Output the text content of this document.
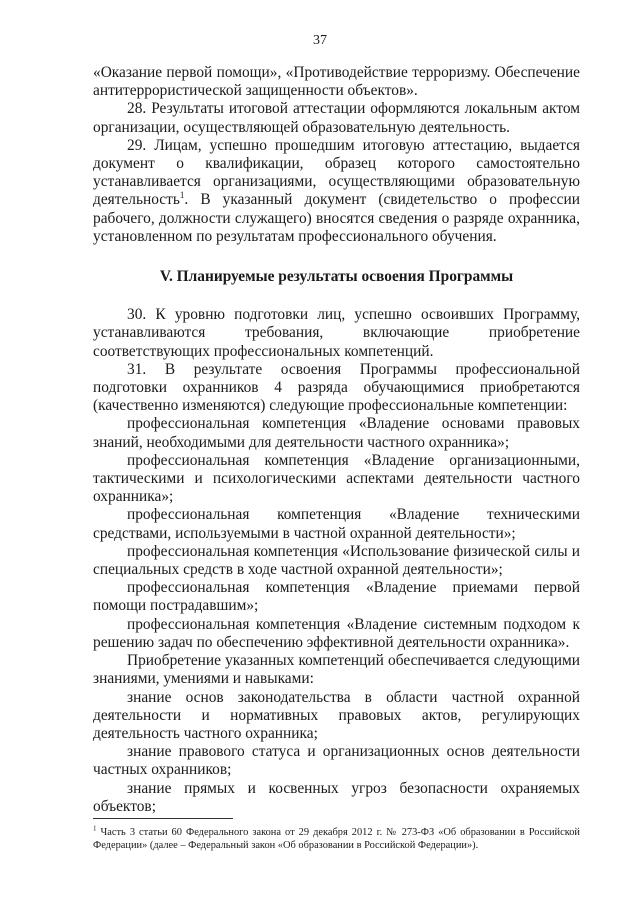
37

«Оказание первой помощи», «Противодействие терроризму. Обеспечение антитеррористической защищенности объектов».

28. Результаты итоговой аттестации оформляются локальным актом организации, осуществляющей образовательную деятельность.

29. Лицам, успешно прошедшим итоговую аттестацию, выдается документ о квалификации, образец которого самостоятельно устанавливается организациями, осуществляющими образовательную деятельность$^1$. В указанный документ (свидетельство о профессии рабочего, должности служащего) вносятся сведения о разряде охранника, установленном по результатам профессионального обучения.

V. Планируемые результаты освоения Программы

30. К уровню подготовки лиц, успешно освоивших Программу, устанавливаются требования, включающие приобретение соответствующих профессиональных компетенций.

31. В результате освоения Программы профессиональной подготовки охранников 4 разряда обучающимися приобретаются (качественно изменяются) следующие профессиональные компетенции:

профессиональная компетенция «Владение основами правовых знаний, необходимыми для деятельности частного охранника»;

профессиональная компетенция «Владение организационными, тактическими и психологическими аспектами деятельности частного охранника»;

профессиональная компетенция «Владение техническими средствами, используемыми в частной охранной деятельности»;

профессиональная компетенция «Использование физической силы и специальных средств в ходе частной охранной деятельности»;

профессиональная компетенция «Владение приемами первой помощи пострадавшим»;

профессиональная компетенция «Владение системным подходом к решению задач по обеспечению эффективной деятельности охранника».

Приобретение указанных компетенций обеспечивается следующими знаниями, умениями и навыками:

знание основ законодательства в области частной охранной деятельности и нормативных правовых актов, регулирующих деятельность частного охранника;

знание правового статуса и организационных основ деятельности частных охранников;

знание прямых и косвенных угроз безопасности охраняемых объектов;

$^1$ Часть 3 статьи 60 Федерального закона от 29 декабря 2012 г. № 273-ФЗ «Об образовании в Российской Федерации» (далее – Федеральный закон «Об образовании в Российской Федерации»).
